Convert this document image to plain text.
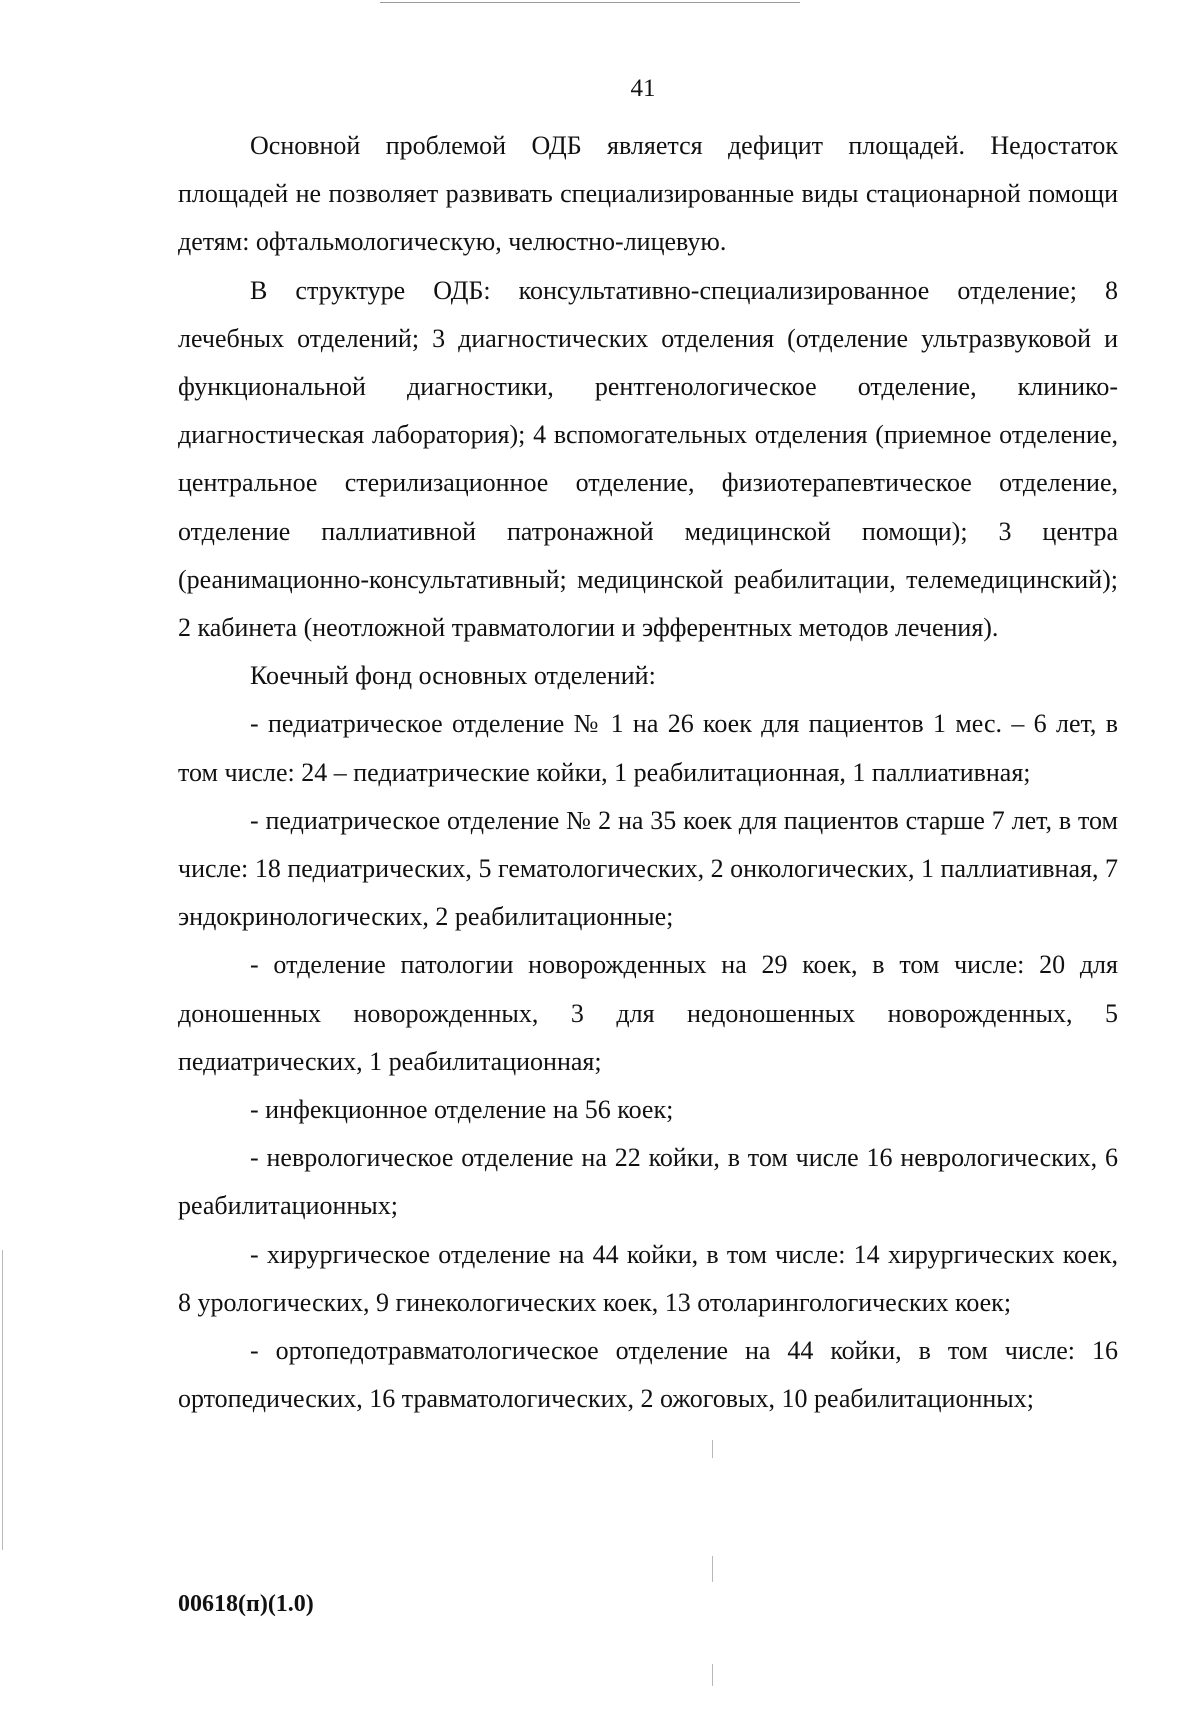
41

Основной проблемой ОДБ является дефицит площадей. Недостаток площадей не позволяет развивать специализированные виды стационарной помощи детям: офтальмологическую, челюстно-лицевую.

В структуре ОДБ: консультативно-специализированное отделение; 8 лечебных отделений; 3 диагностических отделения (отделение ультразвуковой и функциональной диагностики, рентгенологическое отделение, клинико-диагностическая лаборатория); 4 вспомогательных отделения (приемное отделение, центральное стерилизационное отделение, физиотерапевтическое отделение, отделение паллиативной патронажной медицинской помощи); 3 центра (реанимационно-консультативный; медицинской реабилитации, телемедицинский); 2 кабинета (неотложной травматологии и эфферентных методов лечения).

Коечный фонд основных отделений:

- педиатрическое отделение № 1 на 26 коек для пациентов 1 мес. – 6 лет, в том числе: 24 – педиатрические койки, 1 реабилитационная, 1 паллиативная;

- педиатрическое отделение № 2 на 35 коек для пациентов старше 7 лет, в том числе: 18 педиатрических, 5 гематологических, 2 онкологических, 1 паллиативная, 7 эндокринологических, 2 реабилитационные;

- отделение патологии новорожденных на 29 коек, в том числе: 20 для доношенных новорожденных, 3 для недоношенных новорожденных, 5 педиатрических, 1 реабилитационная;

- инфекционное отделение на 56 коек;

- неврологическое отделение на 22 койки, в том числе 16 неврологических, 6 реабилитационных;

- хирургическое отделение на 44 койки, в том числе: 14 хирургических коек, 8 урологических, 9 гинекологических коек, 13 отоларингологических коек;

- ортопедотравматологическое отделение на 44 койки, в том числе: 16 ортопедических, 16 травматологических, 2 ожоговых, 10 реабилитационных;

00618(п)(1.0)
